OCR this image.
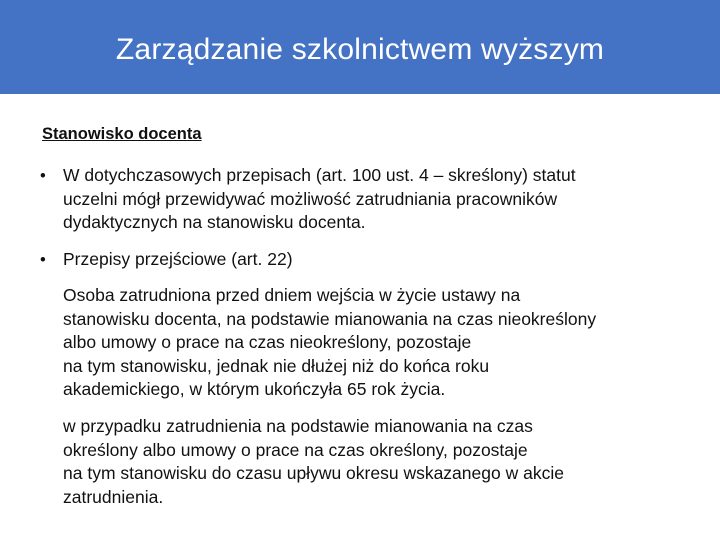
Zarządzanie szkolnictwem wyższym
Stanowisko docenta
• W dotychczasowych przepisach (art. 100 ust. 4 – skreślony) statut
uczelni mógł przewidywać możliwość zatrudniania pracowników
dydaktycznych na stanowisku docenta.
• Przepisy przejściowe (art. 22)
Osoba zatrudniona przed dniem wejścia w życie ustawy na
stanowisku docenta, na podstawie mianowania na czas nieokreślony
albo umowy o prace na czas nieokreślony, pozostaje
na tym stanowisku, jednak nie dłużej niż do końca roku
akademickiego, w którym ukończyła 65 rok życia.
w przypadku zatrudnienia na podstawie mianowania na czas
określony albo umowy o prace na czas określony, pozostaje
na tym stanowisku do czasu upływu okresu wskazanego w akcie
zatrudnienia.
